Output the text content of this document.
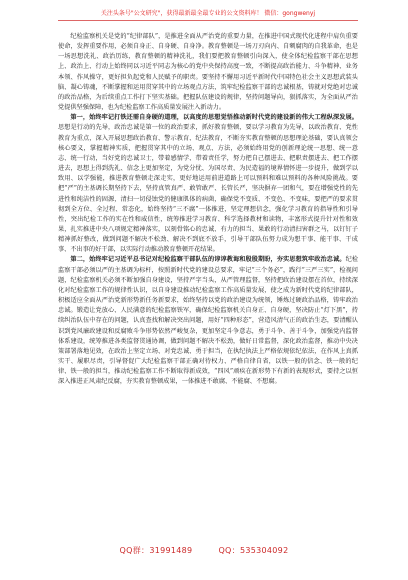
关注头条号"公文研究"，获得最新最全最专业的公文资料库！ 微信：gongwenyj

纪检监察机关是党的“纪律部队”，是推进全面从严治党的重要力量，在推进中国式现代化进程中肩负重要使命，发挥重要作用，必须自身正、自身硬、自身净。教育整顿是一场刀刃向内、自剜腐肉的自我革命，也是一场思想洗礼、政治历练，教育整顿的精神洗礼，我们要把教育整顿引向深入，使全体纪检监察干部在思想上、政治上、行动上始终同以习近平同志为核心的党中央保持高度一致，不断提高政治能力、斗争精神、业务本领、作风操守，更好担负起党和人民赋予的职责。要坚持不懈用习近平新时代中国特色社会主义思想武装头脑、凝心铸魂，不断掌握和运用贯穿其中的立场观点方法，筑牢纪检监察干部的忠诚根基，铸就对党绝对忠诚的政治品格，为后续重点工作打下坚实基础。把握队伍建设的规律，坚持问题导向，狠抓落实，为全面从严治党提供坚强保障，也为纪检监察工作高质量发展注入新动力。

第一，始终牢记打铁还需自身硬的道理，以高度的思想觉悟推动新时代党的建设新的伟大工程纵深发展。思想是行动的先导，政治忠诚是第一位的政治要求，抓好教育整顿，要以学习教育为先导，以政治教育、党性教育为重点，深入开展思想政治教育、警示教育、纪法教育，不断夯实教育整顿的思想理论基础，要认真领会核心要义，掌握精神实质，把握贯穿其中的立场、观点、方法，必须始终用党的创新理论统一思想、统一意志、统一行动，当好党的忠诚卫士，带着感情学、带着责任学，努力把自己摆进去、把职责摆进去、把工作摆进去，思想上得到洗礼、信念上更加坚定，为党分忧、为国尽责、为民造福的境界情怀进一步提升，做到学以致用、以学强能，推进教育整顿走深走实，更好地运用前进道路上可以预料和难以预料的各种风险挑战。要把“严”的主基调长期坚持下去，坚持真管真严、敢管敢严、长管长严，坚决摒弃一团和气，要在增强党性的先进性和纯洁性的固源，清扫一切侵蚀党的健康肌体的病菌，确保党不变质、不变色、不变味，要把严的要求贯彻到全方位、全过程、常态化，始终坚持“三不腐”一体推进，坚定理想信念，强化学习教育的指导性和引导性，突出纪检工作的实在性和威信性，统筹推进学习教育、科学选择教材和读物，丰富形式提升针对性和效果，扎实推进中央八项规定精神落实，以刻骨铭心的忠诚、有力的担当、果敢的行动清扫害群之马，以钉钉子精神抓好整改，做到问题不解决不松劲、解决不到底不放手，引导干部队伍努力成为想干事、能干事、干成事、不出事的好干部，以实际行动推动教育整顿开花结果。

第二，始终牢记习近平总书记对纪检监察干部队伍的谆谆教诲和殷殷期盼，夯实思想筑牢政治忠诚。纪检监察干部必须以严的主基调为标杆，按照新时代党的建设总要求，牢记“三个务必”，践行“三严三实”，检视问题，纪检监察机关必须不断加强自身建设，坚持严字当头，从严管理监督，坚持把政治建设摆在首位，持续深化对纪检监察工作的规律性认识，以自身建设推动纪检监察工作高质量发展，使之成为新时代党的纪律部队，积极适应全面从严治党新形势新任务新要求，始终坚持以党的政治建设为统领，锤炼过硬政治品格，铸牢政治忠诚。锻造让党放心、人民满意的纪检监察铁军，确保纪检监察机关自身正、自身硬，坚决防止“灯下黑”，持续纠治队伍中存在的问题，认真查找和解决突出问题，用好“四种形态”，营造风清气正的政治生态，要清醒认识到党风廉政建设和反腐败斗争形势依然严峻复杂，更加坚定斗争意志，勇于斗争、善于斗争，加强党内监督体系建设，统筹推进各类监督贯通协调，做到问题不解决不松劲，做好日常监督，深化政治监督，推动中央决策部署落地见效，在政治上坚定立场、对党忠诚、勇于担当，在执纪执法上严格依规依纪依法，在作风上真抓实干、履职尽责，引导督促广大纪检监察干部正确对待权力、严格自律自省，以铁一般的信念、铁一般的纪律、铁一般的担当，推动纪检监察工作不断取得新成效，“四风”顽疾在新形势下有新的表现形式，要持之以恒深入推进正风肃纪反腐，夯实教育整顿成果，一体推进不敢腐、不能腐、不想腐。

QQ群：31991489	QQ：535304092
